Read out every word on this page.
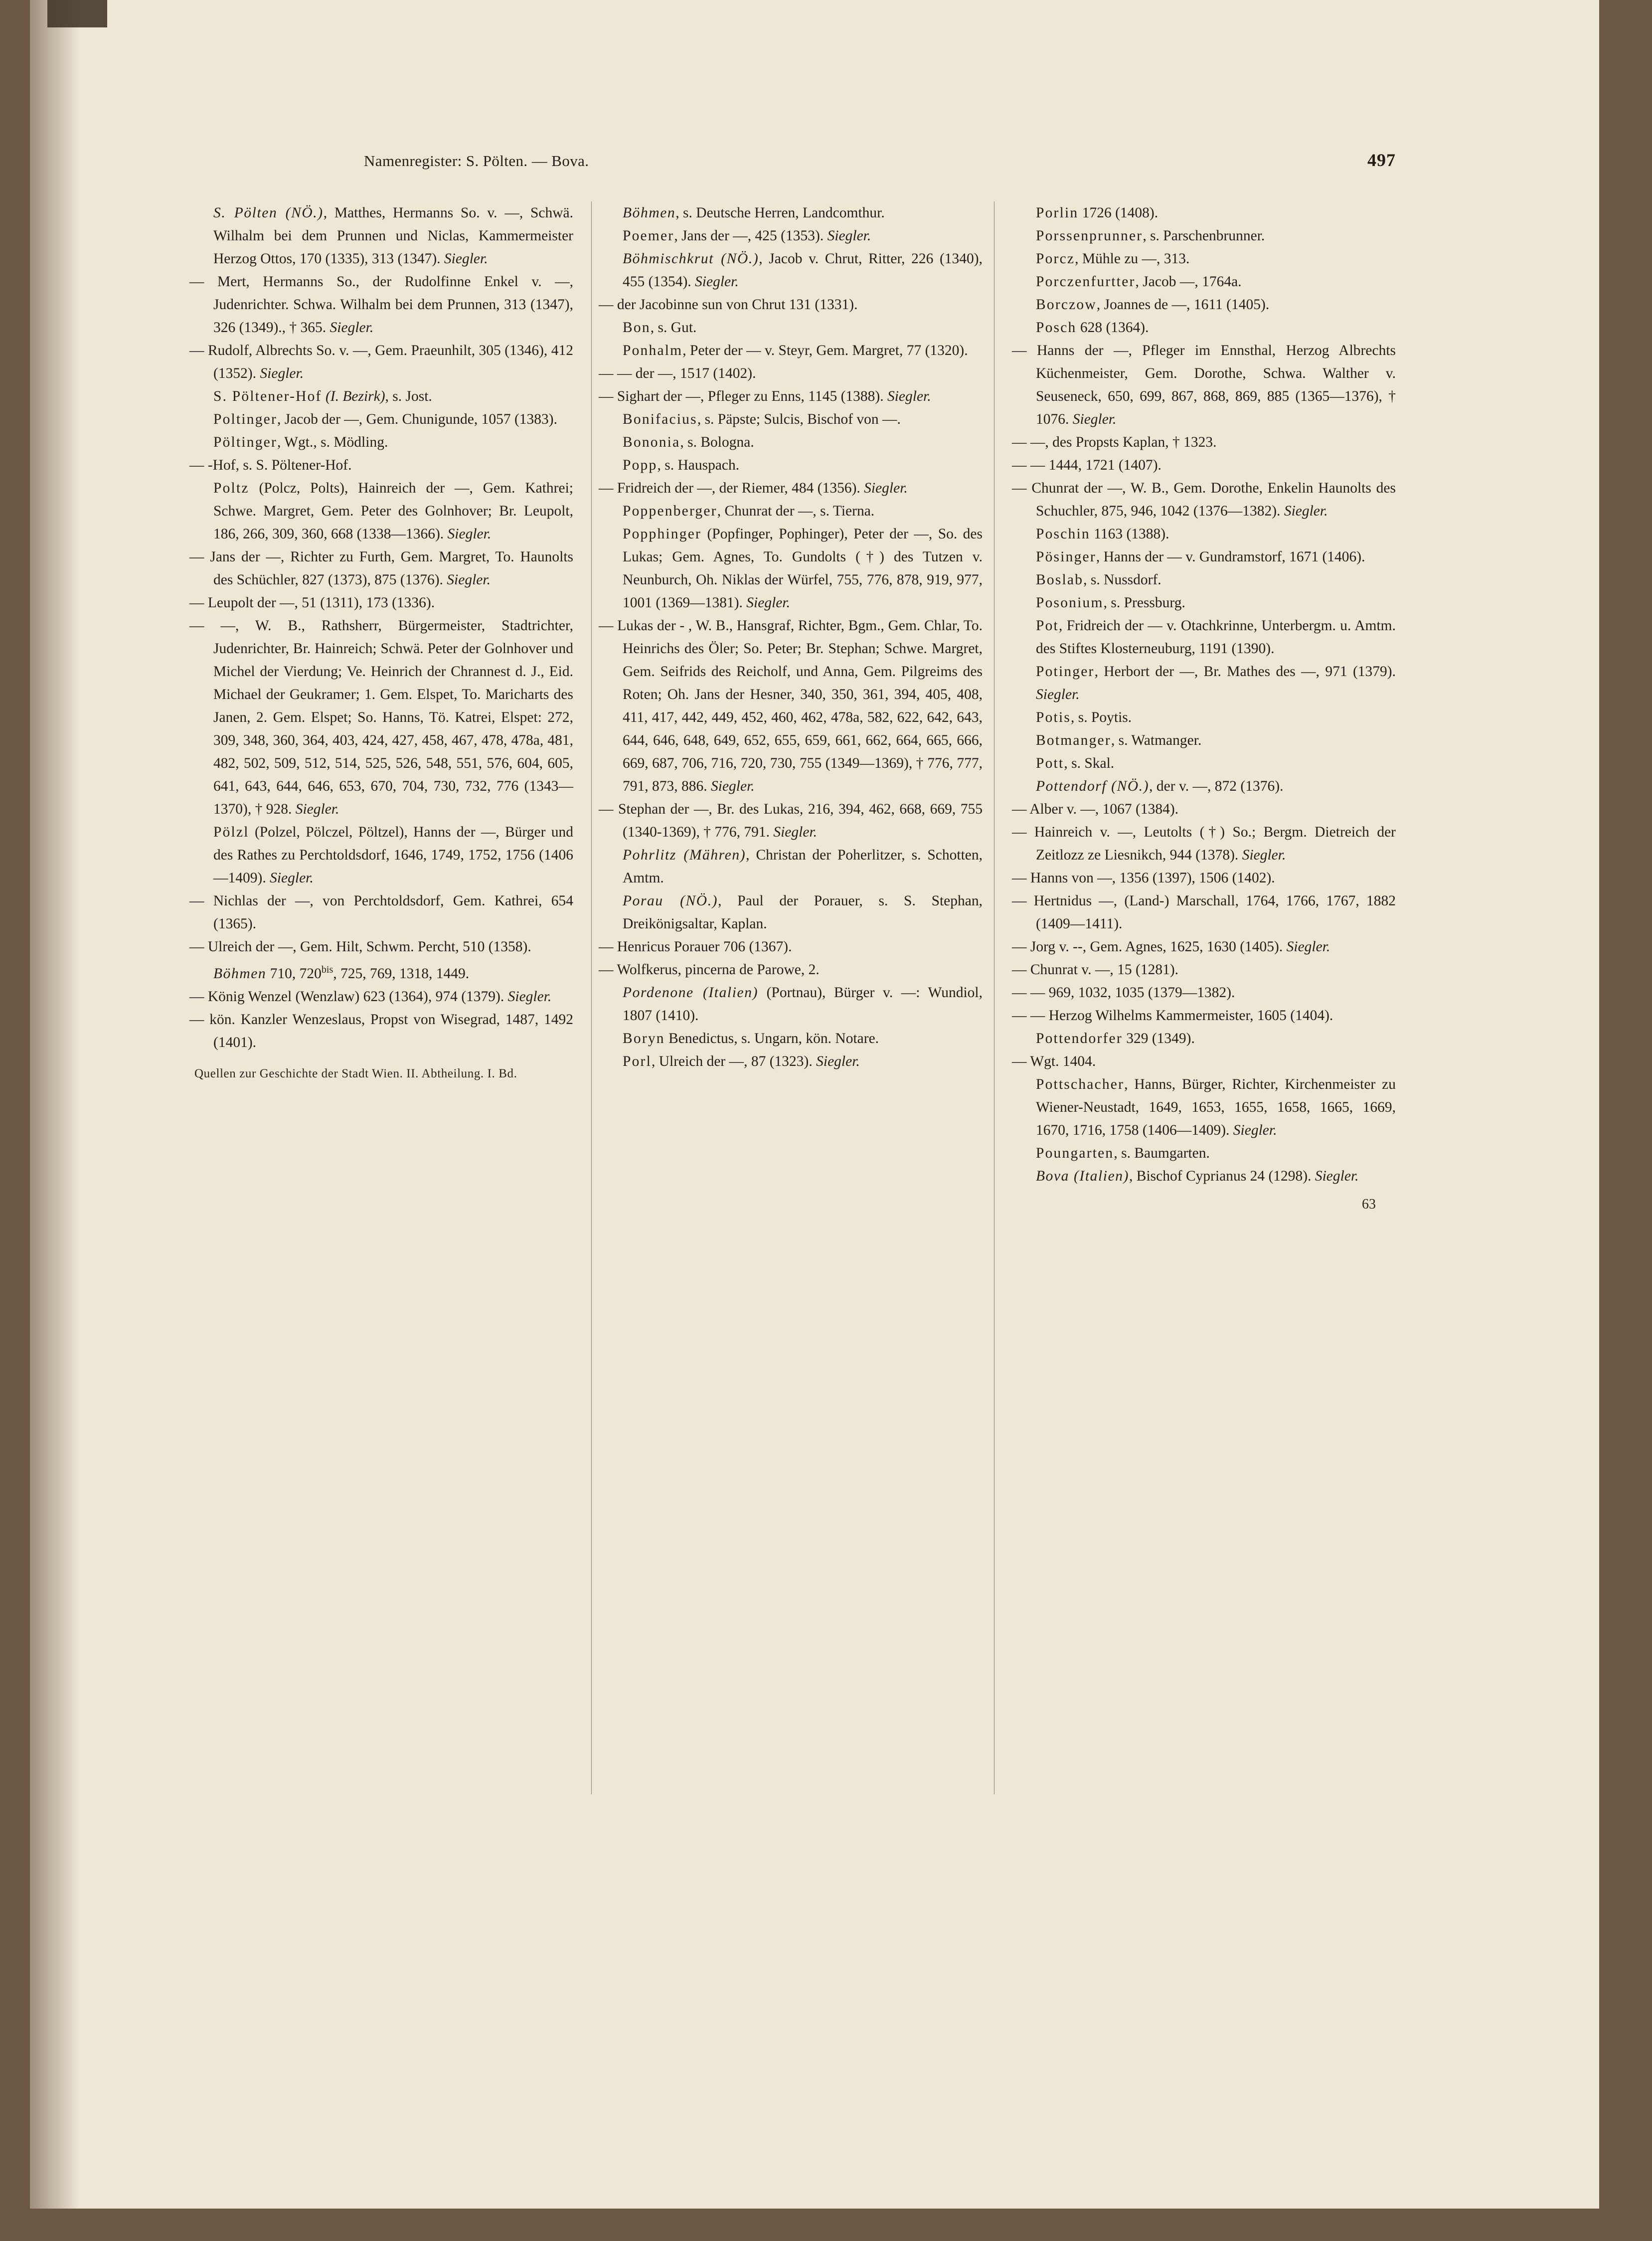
Namenregister: S. Pölten. — Bova.	497

S. Pölten (NÖ.), Matthes, Hermanns So. v. —, Schwä. Wilhalm bei dem Prunnen und Niclas, Kammermeister Herzog Ottos, 170 (1335), 313 (1347). Siegler.

— Mert, Hermanns So., der Rudolfinne Enkel v. —, Judenrichter. Schwa. Wilhalm bei dem Prunnen, 313 (1347), 326 (1349)., † 365. Siegler.

— Rudolf, Albrechts So. v. —, Gem. Praeunhilt, 305 (1346), 412 (1352). Siegler.

S. Pöltener-Hof (I. Bezirk), s. Jost.

Poltinger, Jacob der —, Gem. Chunigunde, 1057 (1383).

Pöltinger, Wgt., s. Mödling.

— -Hof, s. S. Pöltener-Hof.

Poltz (Polcz, Polts), Hainreich der —, Gem. Kathrei; Schwe. Margret, Gem. Peter des Golnhover; Br. Leupolt, 186, 266, 309, 360, 668 (1338—1366). Siegler.

— Jans der —, Richter zu Furth, Gem. Margret, To. Haunolts des Schüchler, 827 (1373), 875 (1376). Siegler.

— Leupolt der —, 51 (1311), 173 (1336).

— —, W. B., Rathsherr, Bürgermeister, Stadtrichter, Judenrichter, Br. Hainreich; Schwä. Peter der Golnhover und Michel der Vierdung; Ve. Heinrich der Chrannest d. J., Eid. Michael der Geukramer; 1. Gem. Elspet, To. Maricharts des Janen, 2. Gem. Elspet; So. Hanns, Tö. Katrei, Elspet: 272, 309, 348, 360, 364, 403, 424, 427, 458, 467, 478, 478a, 481, 482, 502, 509, 512, 514, 525, 526, 548, 551, 576, 604, 605, 641, 643, 644, 646, 653, 670, 704, 730, 732, 776 (1343—1370), † 928. Siegler.

Pölzl (Polzel, Pölczel, Pöltzel), Hanns der —, Bürger und des Rathes zu Perchtoldsdorf, 1646, 1749, 1752, 1756 (1406—1409). Siegler.

— Nichlas der —, von Perchtoldsdorf, Gem. Kathrei, 654 (1365).

— Ulreich der —, Gem. Hilt, Schwm. Percht, 510 (1358).

Böhmen 710, $720^{bis}$, 725, 769, 1318, 1449.

— König Wenzel (Wenzlaw) 623 (1364), 974 (1379). Siegler.

— kön. Kanzler Wenzeslaus, Propst von Wisegrad, 1487, 1492 (1401).

Quellen zur Geschichte der Stadt Wien. II. Abtheilung. I. Bd.

Böhmen, s. Deutsche Herren, Landcomthur.

Poemer, Jans der —, 425 (1353). Siegler.

Böhmischkrut (NÖ.), Jacob v. Chrut, Ritter, 226 (1340), 455 (1354). Siegler.

— der Jacobinne sun von Chrut 131 (1331).

Bon, s. Gut.

Ponhalm, Peter der — v. Steyr, Gem. Margret, 77 (1320).

— — der —, 1517 (1402).

— Sighart der —, Pfleger zu Enns, 1145 (1388). Siegler.

Bonifacius, s. Päpste; Sulcis, Bischof von —.

Bononia, s. Bologna.

Popp, s. Hauspach.

— Fridreich der —, der Riemer, 484 (1356). Siegler.

Poppenberger, Chunrat der —, s. Tierna.

Popphinger (Popfinger, Pophinger), Peter der —, So. des Lukas; Gem. Agnes, To. Gundolts (†) des Tutzen v. Neunburch, Oh. Niklas der Würfel, 755, 776, 878, 919, 977, 1001 (1369—1381). Siegler.

— Lukas der - , W. B., Hansgraf, Richter, Bgm., Gem. Chlar, To. Heinrichs des Öler; So. Peter; Br. Stephan; Schwe. Margret, Gem. Seifrids des Reicholf, und Anna, Gem. Pilgreims des Roten; Oh. Jans der Hesner, 340, 350, 361, 394, 405, 408, 411, 417, 442, 449, 452, 460, 462, 478a, 582, 622, 642, 643, 644, 646, 648, 649, 652, 655, 659, 661, 662, 664, 665, 666, 669, 687, 706, 716, 720, 730, 755 (1349—1369), † 776, 777, 791, 873, 886. Siegler.

— Stephan der —, Br. des Lukas, 216, 394, 462, 668, 669, 755 (1340-1369), † 776, 791. Siegler.

Pohrlitz (Mähren), Christan der Poherlitzer, s. Schotten, Amtm.

Porau (NÖ.), Paul der Porauer, s. S. Stephan, Dreikönigsaltar, Kaplan.

— Henricus Porauer 706 (1367).

— Wolfkerus, pincerna de Parowe, 2.

Pordenone (Italien) (Portnau), Bürger v. —: Wundiol, 1807 (1410).

Boryn Benedictus, s. Ungarn, kön. Notare.

Porl, Ulreich der —, 87 (1323). Siegler.

Porlin 1726 (1408).

Porssenprunner, s. Parschenbrunner.

Porcz, Mühle zu —, 313.

Porczenfurtter, Jacob —, 1764a.

Borczow, Joannes de —, 1611 (1405).

Posch 628 (1364).

— Hanns der —, Pfleger im Ennsthal, Herzog Albrechts Küchenmeister, Gem. Dorothe, Schwa. Walther v. Seuseneck, 650, 699, 867, 868, 869, 885 (1365—1376), † 1076. Siegler.

— —, des Propsts Kaplan, † 1323.

— — 1444, 1721 (1407).

— Chunrat der —, W. B., Gem. Dorothe, Enkelin Haunolts des Schuchler, 875, 946, 1042 (1376—1382). Siegler.

Poschin 1163 (1388).

Pösinger, Hanns der — v. Gundramstorf, 1671 (1406).

Boslab, s. Nussdorf.

Posonium, s. Pressburg.

Pot, Fridreich der — v. Otachkrinne, Unterbergm. u. Amtm. des Stiftes Klosterneuburg, 1191 (1390).

Potinger, Herbort der —, Br. Mathes des —, 971 (1379). Siegler.

Potis, s. Poytis.

Botmanger, s. Watmanger.

Pott, s. Skal.

Pottendorf (NÖ.), der v. —, 872 (1376).

— Alber v. —, 1067 (1384).

— Hainreich v. —, Leutolts (†) So.; Bergm. Dietreich der Zeitlozz ze Liesnikch, 944 (1378). Siegler.

— Hanns von —, 1356 (1397), 1506 (1402).

— Hertnidus —, (Land-) Marschall, 1764, 1766, 1767, 1882 (1409—1411).

— Jorg v. --, Gem. Agnes, 1625, 1630 (1405). Siegler.

— Chunrat v. —, 15 (1281).

— — 969, 1032, 1035 (1379—1382).

— — Herzog Wilhelms Kammermeister, 1605 (1404).

Pottendorfer 329 (1349).

— Wgt. 1404.

Pottschacher, Hanns, Bürger, Richter, Kirchenmeister zu Wiener-Neustadt, 1649, 1653, 1655, 1658, 1665, 1669, 1670, 1716, 1758 (1406—1409). Siegler.

Poungarten, s. Baumgarten.

Bova (Italien), Bischof Cyprianus 24 (1298). Siegler.

63
